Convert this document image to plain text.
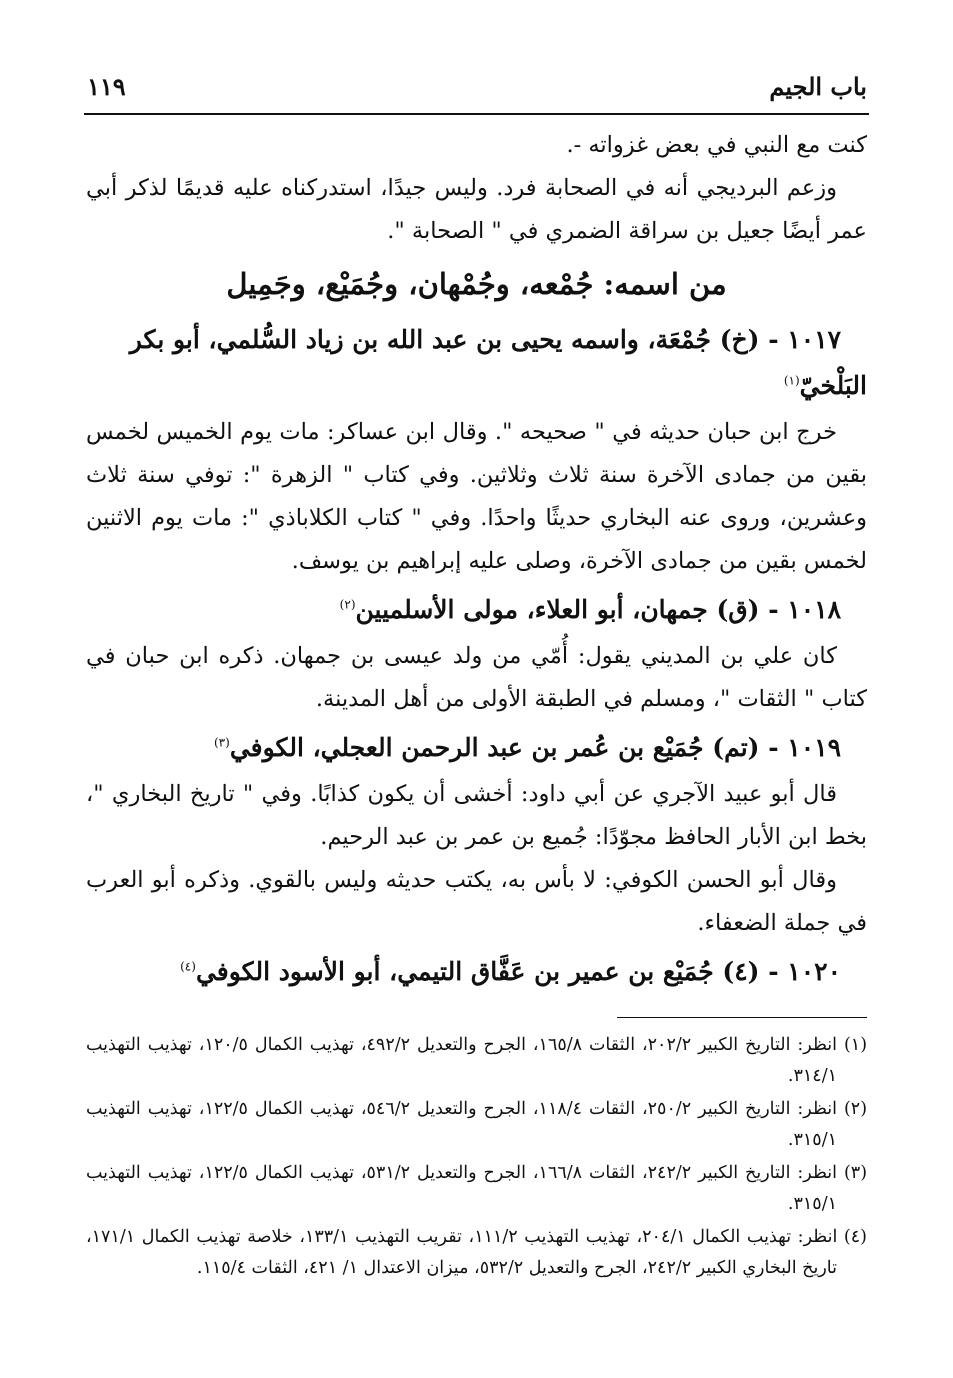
باب الجيم
١١٩

كنت مع النبي في بعض غزواته -.

وزعم البرديجي أنه في الصحابة فرد. وليس جيدًا، استدركناه عليه قديمًا لذكر أبي عمر أيضًا جعيل بن سراقة الضمري في " الصحابة ".

من اسمه: جُمْعه، وجُمْهان، وجُمَيْع، وجَمِيل
١٠١٧ - (خ) جُمْعَة، واسمه يحيى بن عبد الله بن زياد السُّلمي، أبو بكر البَلْخيّ$^{(١)}$

خرج ابن حبان حديثه في " صحيحه ". وقال ابن عساكر: مات يوم الخميس لخمس بقين من جمادى الآخرة سنة ثلاث وثلاثين. وفي كتاب " الزهرة ": توفي سنة ثلاث وعشرين، وروى عنه البخاري حديثًا واحدًا. وفي " كتاب الكلاباذي ": مات يوم الاثنين لخمس بقين من جمادى الآخرة، وصلى عليه إبراهيم بن يوسف.

١٠١٨ - (ق) جمهان، أبو العلاء، مولى الأسلميين$^{(٢)}$

كان علي بن المديني يقول: أُمّي من ولد عيسى بن جمهان. ذكره ابن حبان في كتاب " الثقات "، ومسلم في الطبقة الأولى من أهل المدينة.

١٠١٩ - (تم) جُمَيْع بن عُمر بن عبد الرحمن العجلي، الكوفي$^{(٣)}$

قال أبو عبيد الآجري عن أبي داود: أخشى أن يكون كذابًا. وفي " تاريخ البخاري "، بخط ابن الأبار الحافظ مجوّدًا: جُميع بن عمر بن عبد الرحيم.

وقال أبو الحسن الكوفي: لا بأس به، يكتب حديثه وليس بالقوي. وذكره أبو العرب في جملة الضعفاء.

١٠٢٠ - (٤) جُمَيْع بن عمير بن عَفَّاق التيمي، أبو الأسود الكوفي$^{(٤)}$

(١) انظر: التاريخ الكبير ٢٠٢/٢، الثقات ١٦٥/٨، الجرح والتعديل ٤٩٢/٢، تهذيب الكمال ١٢٠/٥، تهذيب التهذيب ٣١٤/١.

(٢) انظر: التاريخ الكبير ٢٥٠/٢، الثقات ١١٨/٤، الجرح والتعديل ٥٤٦/٢، تهذيب الكمال ١٢٢/٥، تهذيب التهذيب ٣١٥/١.

(٣) انظر: التاريخ الكبير ٢٤٢/٢، الثقات ١٦٦/٨، الجرح والتعديل ٥٣١/٢، تهذيب الكمال ١٢٢/٥، تهذيب التهذيب ٣١٥/١.

(٤) انظر: تهذيب الكمال ٢٠٤/١، تهذيب التهذيب ١١١/٢، تقريب التهذيب ١٣٣/١، خلاصة تهذيب الكمال ١٧١/١، تاريخ البخاري الكبير ٢٤٢/٢، الجرح والتعديل ٥٣٢/٢، ميزان الاعتدال ١/ ٤٢١، الثقات ١١٥/٤.
